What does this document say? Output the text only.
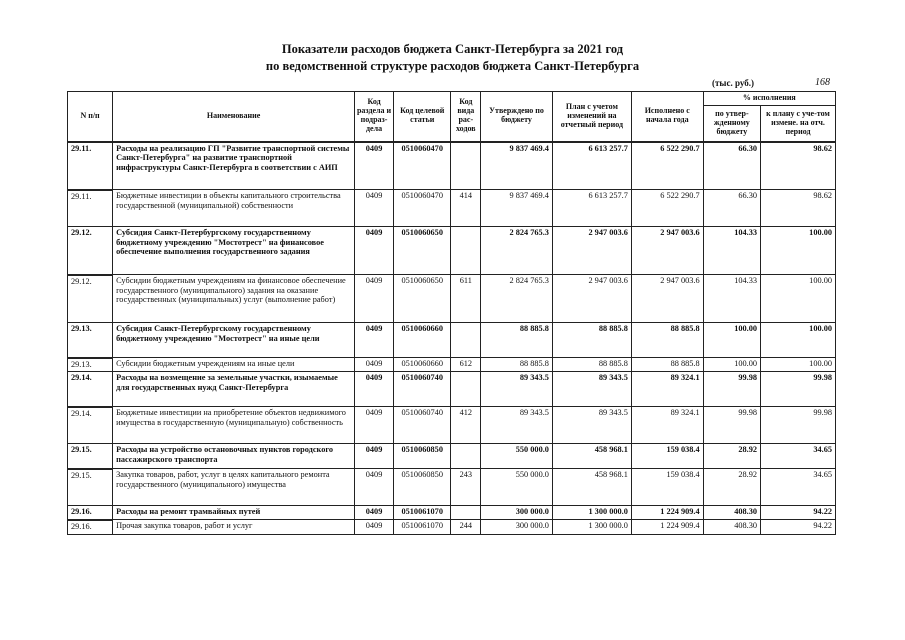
Показатели расходов бюджета Санкт-Петербурга за 2021 год
по ведомственной структуре расходов бюджета Санкт-Петербурга
(тыс. руб.)	168
N п/п	Наименование	Код раздела и подраз-дела	Код целевой статьи	Код вида рас-ходов	Утверждено по бюджету	План с учетом изменений на отчетный период	Исполнено с начала года	% исполнения	
								по утвер-жденному бюджету	к плану с уче-том измене. на отч. период
29.11.	Расходы на реализацию ГП "Развитие транспортной системы Санкт-Петербурга" на развитие транспортной инфраструктуры Санкт-Петербурга в соответствии с АИП	0409	0510060470		9 837 469.4	6 613 257.7	6 522 290.7	66.30	98.62
29.11.	Бюджетные инвестиции в объекты капитального строительства государственной (муниципальной) собственности	0409	0510060470	414	9 837 469.4	6 613 257.7	6 522 290.7	66.30	98.62
29.12.	Субсидия Санкт-Петербургскому государственному бюджетному учреждению "Мостотрест" на финансовое обеспечение выполнения государственного задания	0409	0510060650		2 824 765.3	2 947 003.6	2 947 003.6	104.33	100.00
29.12.	Субсидии бюджетным учреждениям на финансовое обеспечение государственного (муниципального) задания на оказание государственных (муниципальных) услуг (выполнение работ)	0409	0510060650	611	2 824 765.3	2 947 003.6	2 947 003.6	104.33	100.00
29.13.	Субсидия Санкт-Петербургскому государственному бюджетному учреждению "Мостотрест" на иные цели	0409	0510060660		88 885.8	88 885.8	88 885.8	100.00	100.00
29.13.	Субсидии бюджетным учреждениям на иные цели	0409	0510060660	612	88 885.8	88 885.8	88 885.8	100.00	100.00
29.14.	Расходы на возмещение за земельные участки, изымаемые для государственных нужд Санкт-Петербурга	0409	0510060740		89 343.5	89 343.5	89 324.1	99.98	99.98
29.14.	Бюджетные инвестиции на приобретение объектов недвижимого имущества в государственную (муниципальную) собственность	0409	0510060740	412	89 343.5	89 343.5	89 324.1	99.98	99.98
29.15.	Расходы на устройство остановочных пунктов городского пассажирского транспорта	0409	0510060850		550 000.0	458 968.1	159 038.4	28.92	34.65
29.15.	Закупка товаров, работ, услуг в целях капитального ремонта государственного (муниципального) имущества	0409	0510060850	243	550 000.0	458 968.1	159 038.4	28.92	34.65
29.16.	Расходы на ремонт трамвайных путей	0409	0510061070		300 000.0	1 300 000.0	1 224 909.4	408.30	94.22
29.16.	Прочая закупка товаров, работ и услуг	0409	0510061070	244	300 000.0	1 300 000.0	1 224 909.4	408.30	94.22
